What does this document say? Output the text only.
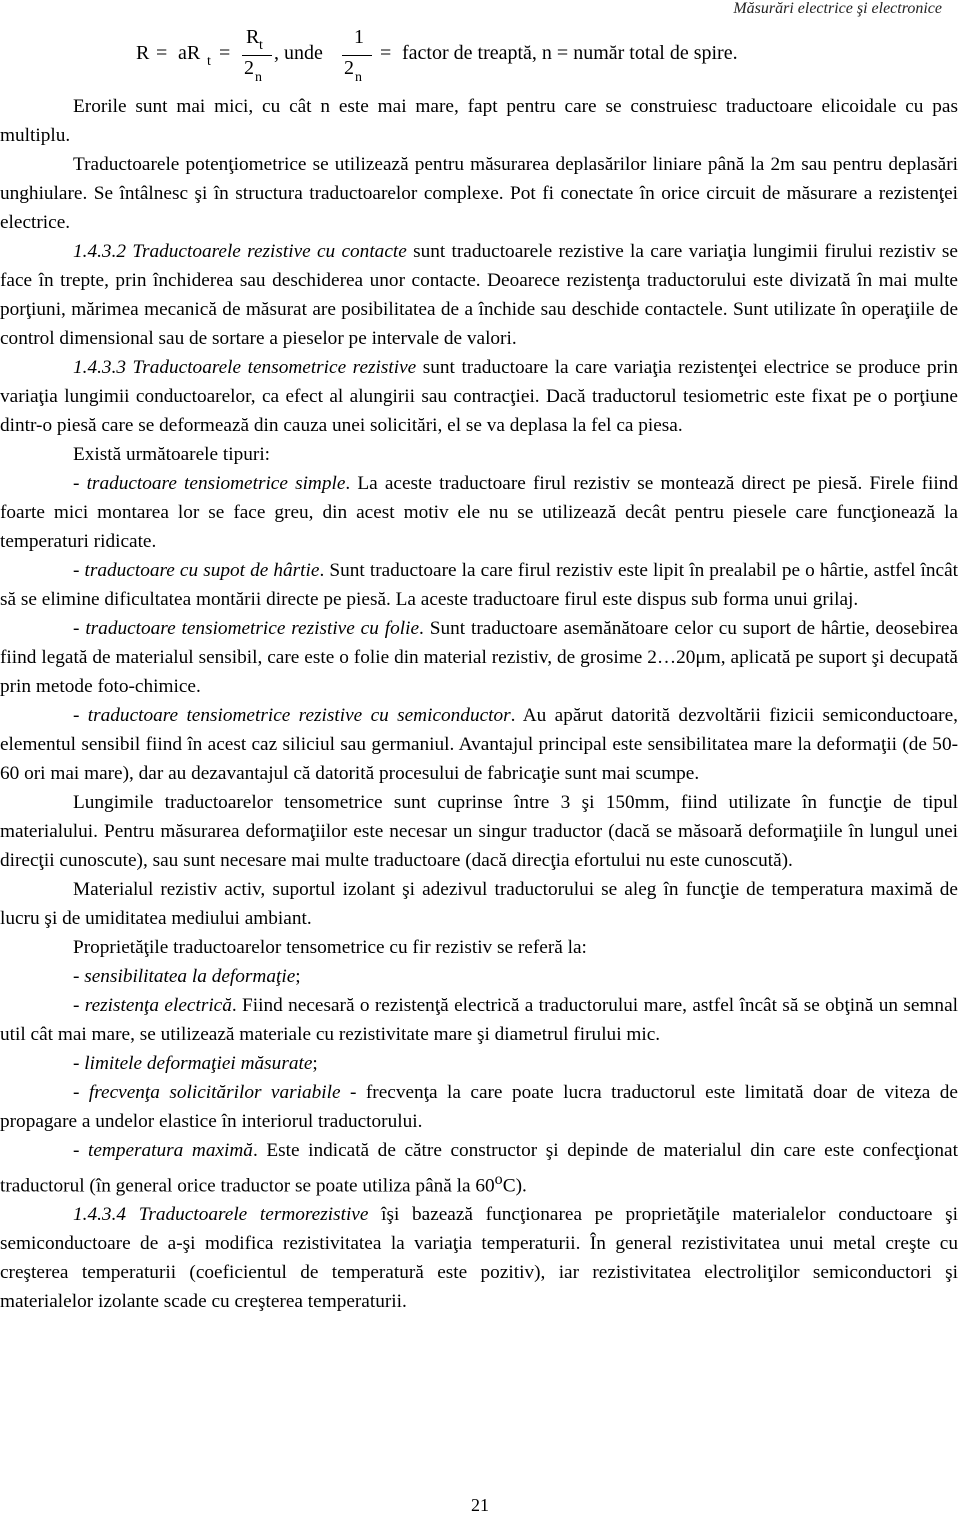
Măsurări electrice şi electronice
R = aR t =
R t
2 n
, unde
1
2 n
= factor de treaptă, n = număr total de spire.

Erorile sunt mai mici, cu cât n este mai mare, fapt pentru care se construiesc traductoare elicoidale cu pas multiplu.

Traductoarele potenţiometrice se utilizează pentru măsurarea deplasărilor liniare până la 2m sau pentru deplasări unghiulare. Se întâlnesc şi în structura traductoarelor complexe. Pot fi conectate în orice circuit de măsurare a rezistenţei electrice.

1.4.3.2 Traductoarele rezistive cu contacte sunt traductoarele rezistive la care variaţia lungimii firului rezistiv se face în trepte, prin închiderea sau deschiderea unor contacte. Deoarece rezistenţa traductorului este divizată în mai multe porţiuni, mărimea mecanică de măsurat are posibilitatea de a închide sau deschide contactele. Sunt utilizate în operaţiile de control dimensional sau de sortare a pieselor pe intervale de valori.

1.4.3.3 Traductoarele tensometrice rezistive sunt traductoare la care variaţia rezistenţei electrice se produce prin variaţia lungimii conductoarelor, ca efect al alungirii sau contracţiei. Dacă traductorul tesiometric este fixat pe o porţiune dintr-o piesă care se deformează din cauza unei solicitări, el se va deplasa la fel ca piesa.

Există următoarele tipuri:

- traductoare tensiometrice simple. La aceste traductoare firul rezistiv se montează direct pe piesă. Firele fiind foarte mici montarea lor se face greu, din acest motiv ele nu se utilizează decât pentru piesele care funcţionează la temperaturi ridicate.

- traductoare cu supot de hârtie. Sunt traductoare la care firul rezistiv este lipit în prealabil pe o hârtie, astfel încât să se elimine dificultatea montării directe pe piesă. La aceste traductoare firul este dispus sub forma unui grilaj.

- traductoare tensiometrice rezistive cu folie. Sunt traductoare asemănătoare celor cu suport de hârtie, deosebirea fiind legată de materialul sensibil, care este o folie din material rezistiv, de grosime 2…20μm, aplicată pe suport şi decupată prin metode foto-chimice.

- traductoare tensiometrice rezistive cu semiconductor. Au apărut datorită dezvoltării fizicii semiconductoare, elementul sensibil fiind în acest caz siliciul sau germaniul. Avantajul principal este sensibilitatea mare la deformaţii (de 50-60 ori mai mare), dar au dezavantajul că datorită procesului de fabricaţie sunt mai scumpe.

Lungimile traductoarelor tensometrice sunt cuprinse între 3 şi 150mm, fiind utilizate în funcţie de tipul materialului. Pentru măsurarea deformaţiilor este necesar un singur traductor (dacă se măsoară deformaţiile în lungul unei direcţii cunoscute), sau sunt necesare mai multe traductoare (dacă direcţia efortului nu este cunoscută).

Materialul rezistiv activ, suportul izolant şi adezivul traductorului se aleg în funcţie de temperatura maximă de lucru şi de umiditatea mediului ambiant.

Proprietăţile traductoarelor tensometrice cu fir rezistiv se referă la:

- sensibilitatea la deformaţie;

- rezistenţa electrică. Fiind necesară o rezistenţă electrică a traductorului mare, astfel încât să se obţină un semnal util cât mai mare, se utilizează materiale cu rezistivitate mare şi diametrul firului mic.

- limitele deformaţiei măsurate;

- frecvenţa solicitărilor variabile - frecvenţa la care poate lucra traductorul este limitată doar de viteza de propagare a undelor elastice în interiorul traductorului.

- temperatura maximă. Este indicată de către constructor şi depinde de materialul din care este confecţionat traductorul (în general orice traductor se poate utiliza până la 60$^o$C).

1.4.3.4 Traductoarele termorezistive îşi bazează funcţionarea pe proprietăţile materialelor conductoare şi semiconductoare de a-şi modifica rezistivitatea la variaţia temperaturii. În general rezistivitatea unui metal creşte cu creşterea temperaturii (coeficientul de temperatură este pozitiv), iar rezistivitatea electroliţilor semiconductori şi materialelor izolante scade cu creşterea temperaturii.

21
